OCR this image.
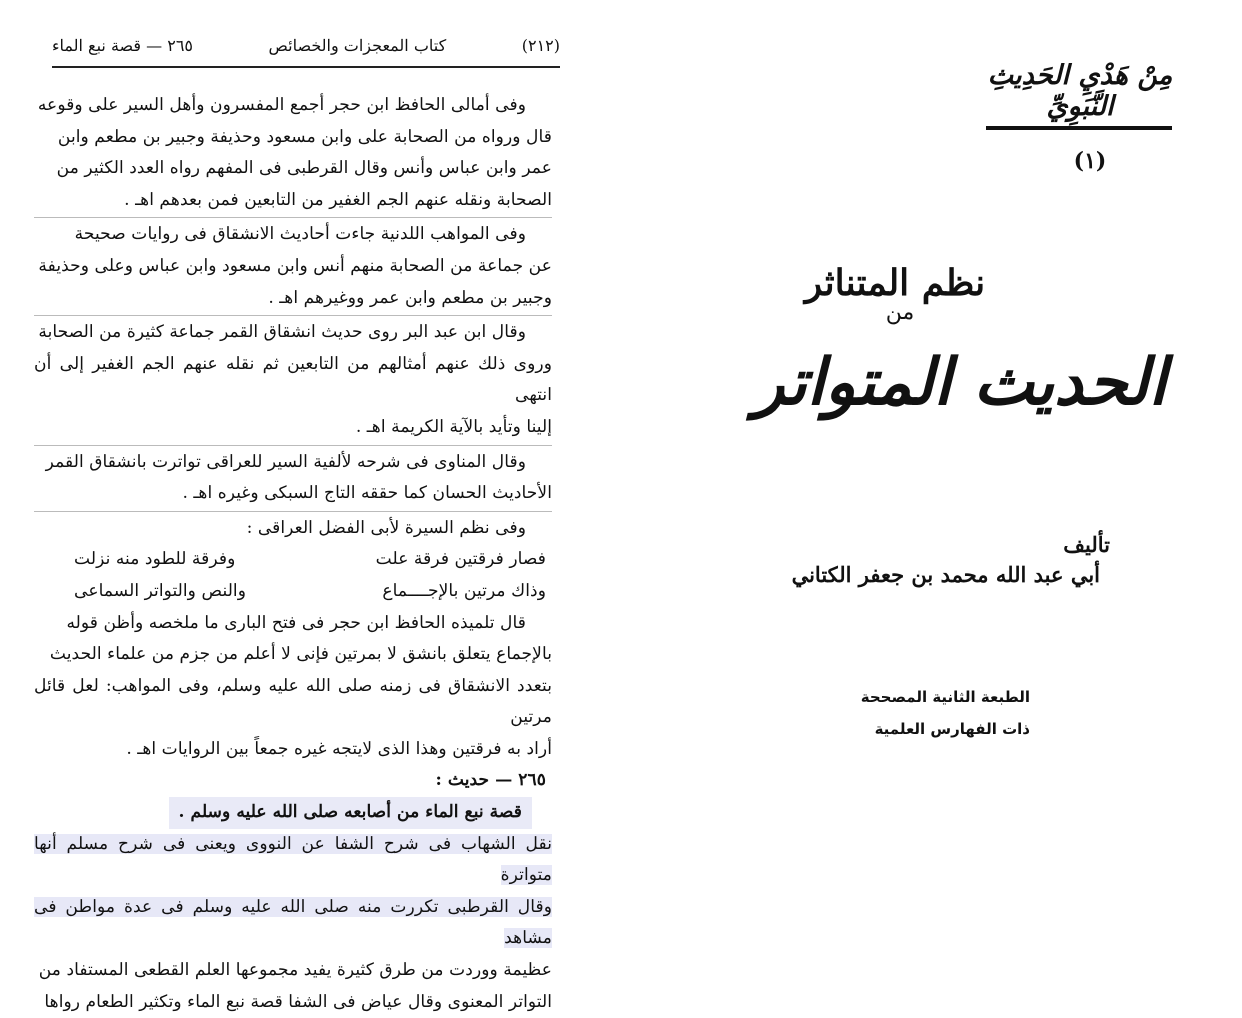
(٢١٢)
كتاب المعجزات والخصائص
٢٦٥ — قصة نبع الماء

وفى أمالى الحافظ ابن حجر أجمع المفسرون وأهل السير على وقوعه
قال ورواه من الصحابة على وابن مسعود وحذيفة وجبير بن مطعم وابن
عمر وابن عباس وأنس وقال القرطبى فى المفهم رواه العدد الكثير من
الصحابة ونقله عنهم الجم الغفير من التابعين فمن بعدهم اهـ .

وفى المواهب اللدنية جاءت أحاديث الانشقاق فى روايات صحيحة
عن جماعة من الصحابة منهم أنس وابن مسعود وابن عباس وعلى وحذيفة
وجبير بن مطعم وابن عمر ووغيرهم اهـ .

وقال ابن عبد البر روى حديث انشقاق القمر جماعة كثيرة من الصحابة
وروى ذلك عنهم أمثالهم من التابعين ثم نقله عنهم الجم الغفير إلى أن انتهى
إلينا وتأيد بالآية الكريمة اهـ .

وقال المناوى فى شرحه لألفية السير للعراقى تواترت بانشقاق القمر
الأحاديث الحسان كما حققه التاج السبكى وغيره اهـ .

وفى نظم السيرة لأبى الفضل العراقى :

فصار فرقتين فرقة علت
وفرقة للطود منه نزلت
وذاك مرتين بالإجــــماع
والنص والتواتر السماعى

قال تلميذه الحافظ ابن حجر فى فتح البارى ما ملخصه وأظن قوله
بالإجماع يتعلق بانشق لا بمرتين فإنى لا أعلم من جزم من علماء الحديث
بتعدد الانشقاق فى زمنه صلى الله عليه وسلم، وفى المواهب: لعل قائل مرتين
أراد به فرقتين وهذا الذى لايتجه غيره جمعاً بين الروايات اهـ .

٢٦٥ — حديث :

قصة نبع الماء من أصابعه صلى الله عليه وسلم .

نقل الشهاب فى شرح الشفا عن النووى ويعنى فى شرح مسلم أنها متواترة
وقال القرطبى تكررت منه صلى الله عليه وسلم فى عدة مواطن فى مشاهد
عظيمة ووردت من طرق كثيرة يفيد مجموعها العلم القطعى المستفاد من
التواتر المعنوى وقال عياض فى الشفا قصة نبع الماء وتكثير الطعام رواها

مِنْ هَدْيِ الحَدِيثِ النَّبَوِيِّ
(١)
نظم المتناثر
من
الحديث المتواتر
تأليف
أبي عبد الله محمد بن جعفر الكتاني
الطبعة الثانية المصححة
ذات الفهارس العلمية
